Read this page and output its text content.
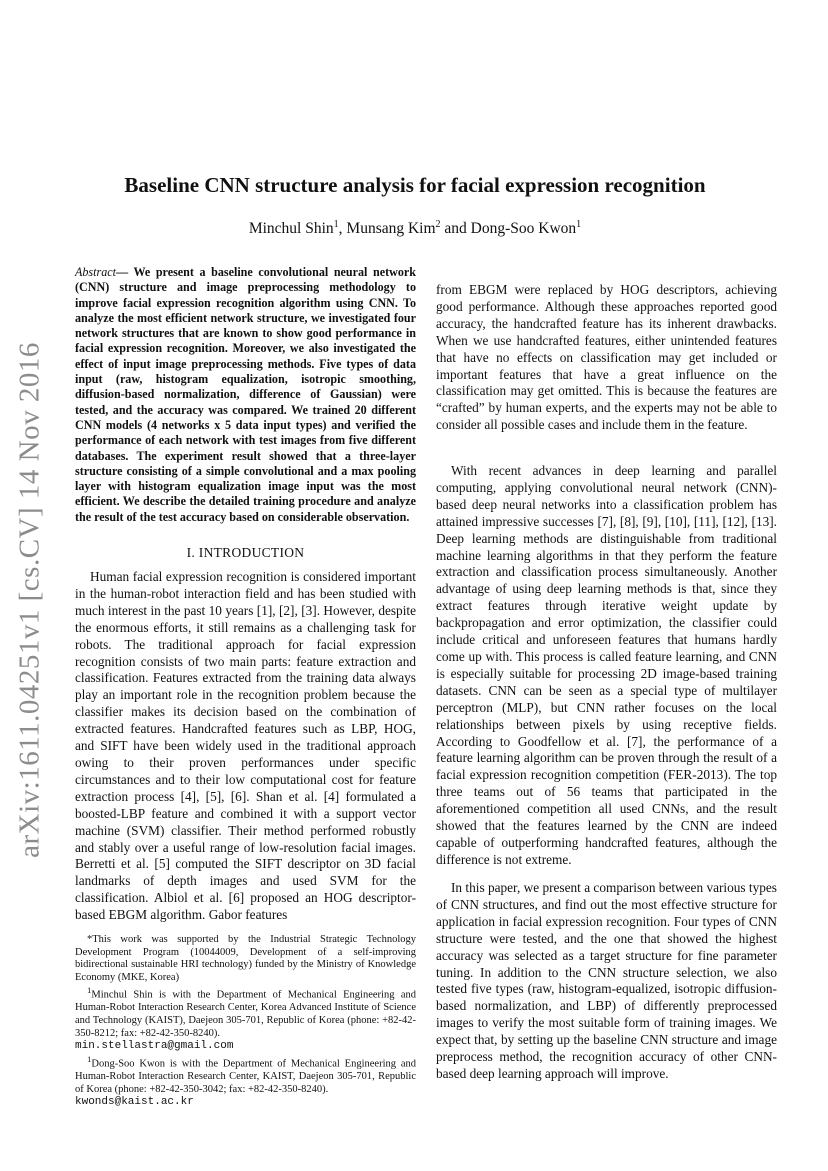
arXiv:1611.04251v1 [cs.CV] 14 Nov 2016
Baseline CNN structure analysis for facial expression recognition
Minchul Shin$^1$, Munsang Kim$^2$ and Dong-Soo Kwon$^1$
Abstract— We present a baseline convolutional neural network (CNN) structure and image preprocessing methodology to improve facial expression recognition algorithm using CNN. To analyze the most efficient network structure, we investigated four network structures that are known to show good performance in facial expression recognition. Moreover, we also investigated the effect of input image preprocessing methods. Five types of data input (raw, histogram equalization, isotropic smoothing, diffusion-based normalization, difference of Gaussian) were tested, and the accuracy was compared. We trained 20 different CNN models (4 networks x 5 data input types) and verified the performance of each network with test images from five different databases. The experiment result showed that a three-layer structure consisting of a simple convolutional and a max pooling layer with histogram equalization image input was the most efficient. We describe the detailed training procedure and analyze the result of the test accuracy based on considerable observation.
I. INTRODUCTION

Human facial expression recognition is considered important in the human-robot interaction field and has been studied with much interest in the past 10 years [1], [2], [3]. However, despite the enormous efforts, it still remains as a challenging task for robots. The traditional approach for facial expression recognition consists of two main parts: feature extraction and classification. Features extracted from the training data always play an important role in the recognition problem because the classifier makes its decision based on the combination of extracted features. Handcrafted features such as LBP, HOG, and SIFT have been widely used in the traditional approach owing to their proven performances under specific circumstances and to their low computational cost for feature extraction process [4], [5], [6]. Shan et al. [4] formulated a boosted-LBP feature and combined it with a support vector machine (SVM) classifier. Their method performed robustly and stably over a useful range of low-resolution facial images. Berretti et al. [5] computed the SIFT descriptor on 3D facial landmarks of depth images and used SVM for the classification. Albiol et al. [6] proposed an HOG descriptor-based EBGM algorithm. Gabor features

*This work was supported by the Industrial Strategic Technology Development Program (10044009, Development of a self-improving bidirectional sustainable HRI technology) funded by the Ministry of Knowledge Economy (MKE, Korea)

$^1$Minchul Shin is with the Department of Mechanical Engineering and Human-Robot Interaction Research Center, Korea Advanced Institute of Science and Technology (KAIST), Daejeon 305-701, Republic of Korea (phone: +82-42-350-8212; fax: +82-42-350-8240).
min.stellastra@gmail.com

$^1$Dong-Soo Kwon is with the Department of Mechanical Engineering and Human-Robot Interaction Research Center, KAIST, Daejeon 305-701, Republic of Korea (phone: +82-42-350-3042; fax: +82-42-350-8240).
kwonds@kaist.ac.kr

from EBGM were replaced by HOG descriptors, achieving good performance. Although these approaches reported good accuracy, the handcrafted feature has its inherent drawbacks. When we use handcrafted features, either unintended features that have no effects on classification may get included or important features that have a great influence on the classification may get omitted. This is because the features are “crafted” by human experts, and the experts may not be able to consider all possible cases and include them in the feature.

With recent advances in deep learning and parallel computing, applying convolutional neural network (CNN)-based deep neural networks into a classification problem has attained impressive successes [7], [8], [9], [10], [11], [12], [13]. Deep learning methods are distinguishable from traditional machine learning algorithms in that they perform the feature extraction and classification process simultaneously. Another advantage of using deep learning methods is that, since they extract features through iterative weight update by backpropagation and error optimization, the classifier could include critical and unforeseen features that humans hardly come up with. This process is called feature learning, and CNN is especially suitable for processing 2D image-based training datasets. CNN can be seen as a special type of multilayer perceptron (MLP), but CNN rather focuses on the local relationships between pixels by using receptive fields. According to Goodfellow et al. [7], the performance of a feature learning algorithm can be proven through the result of a facial expression recognition competition (FER-2013). The top three teams out of 56 teams that participated in the aforementioned competition all used CNNs, and the result showed that the features learned by the CNN are indeed capable of outperforming handcrafted features, although the difference is not extreme.

In this paper, we present a comparison between various types of CNN structures, and find out the most effective structure for application in facial expression recognition. Four types of CNN structure were tested, and the one that showed the highest accuracy was selected as a target structure for fine parameter tuning. In addition to the CNN structure selection, we also tested five types (raw, histogram-equalized, isotropic diffusion-based normalization, and LBP) of differently preprocessed images to verify the most suitable form of training images. We expect that, by setting up the baseline CNN structure and image preprocess method, the recognition accuracy of other CNN-based deep learning approach will improve.
